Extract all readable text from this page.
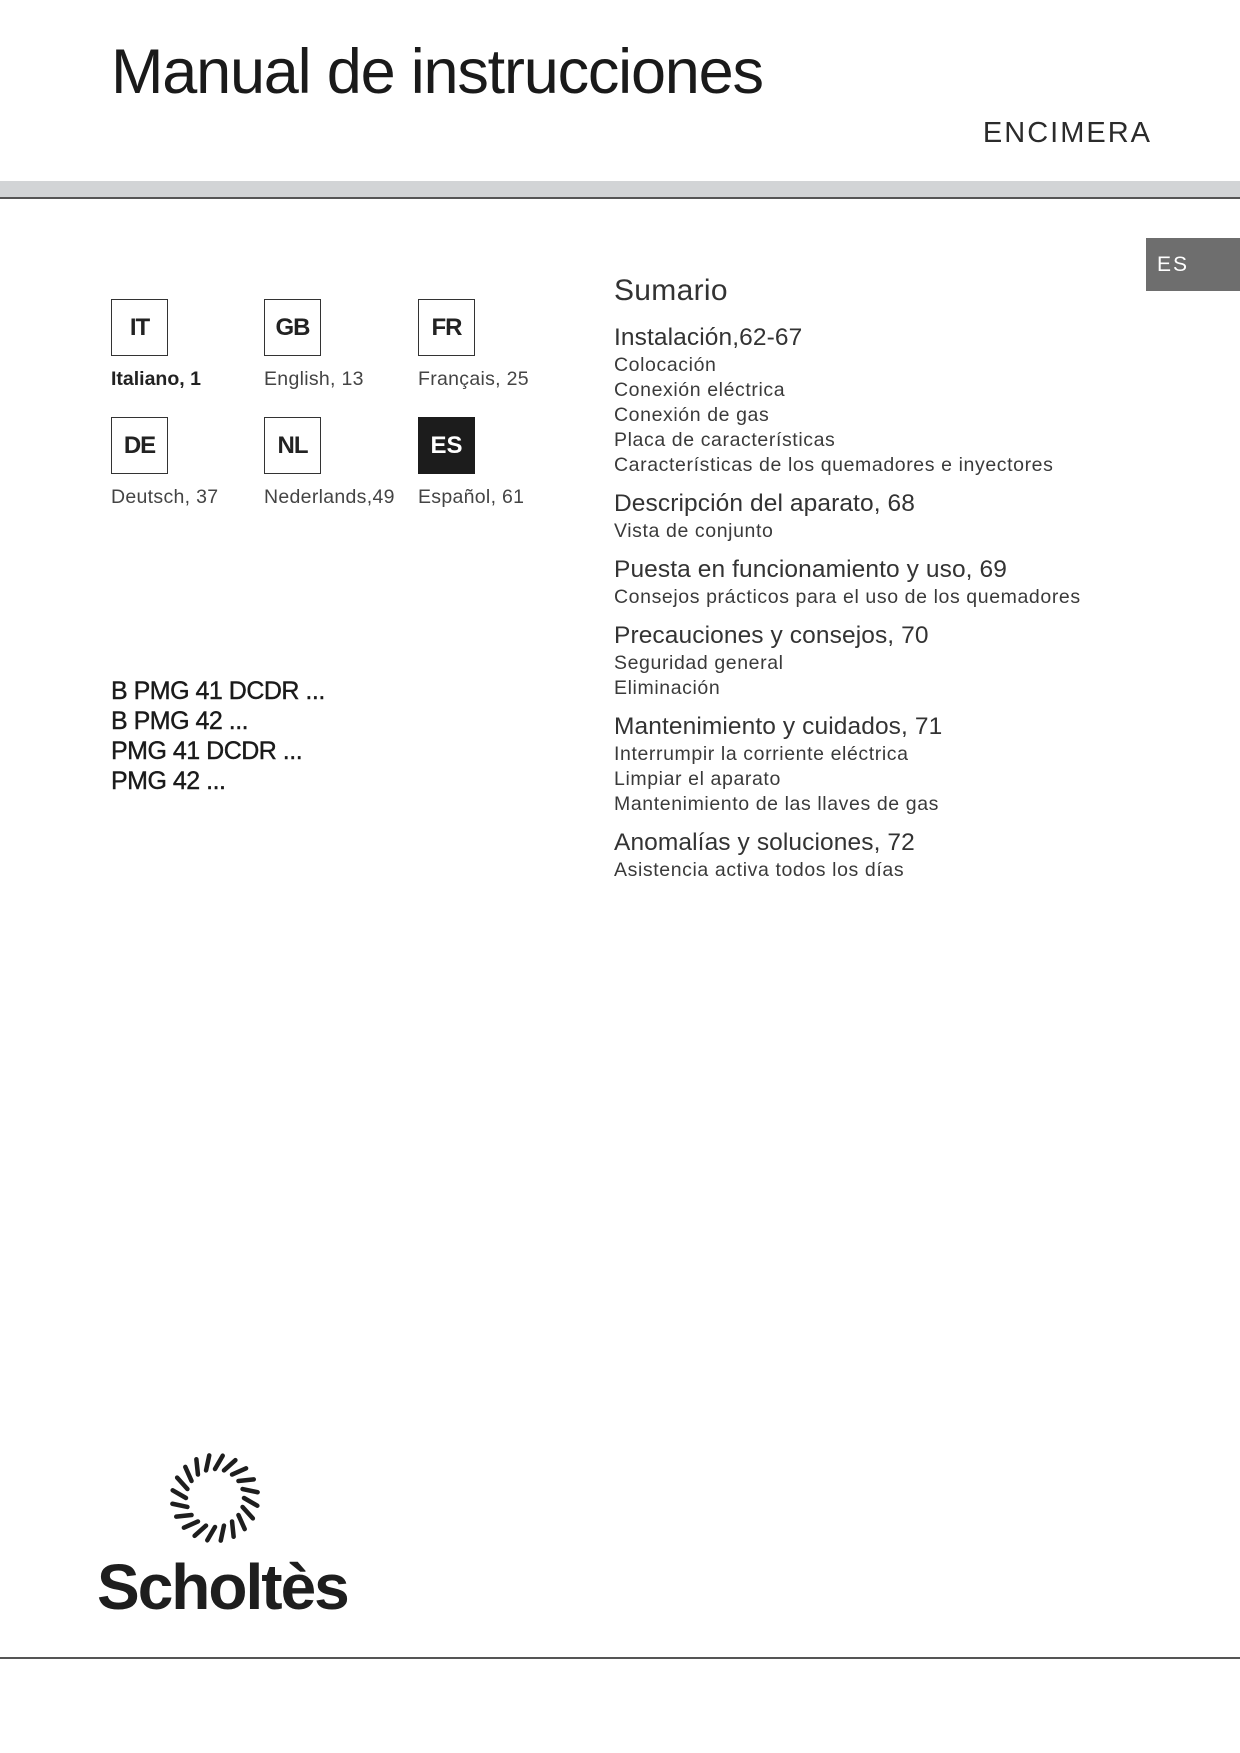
Manual de instrucciones
ENCIMERA
ES
IT
Italiano, 1
GB
English, 13
FR
Français, 25
DE
Deutsch, 37
NL
Nederlands,49
ES
Español, 61
B PMG 41 DCDR ...
B PMG 42 ...
PMG 41 DCDR ...
PMG 42 ...
Sumario
Instalación,62-67
Colocación
Conexión eléctrica
Conexión de gas
Placa de características
Características de los quemadores e inyectores
Descripción del aparato, 68
Vista de conjunto
Puesta en funcionamiento y uso, 69
Consejos prácticos para el uso de los quemadores
Precauciones y consejos, 70
Seguridad general
Eliminación
Mantenimiento y cuidados, 71
Interrumpir la corriente eléctrica
Limpiar el aparato
Mantenimiento de las llaves de gas
Anomalías y soluciones, 72
Asistencia activa todos los días
Scholtès
